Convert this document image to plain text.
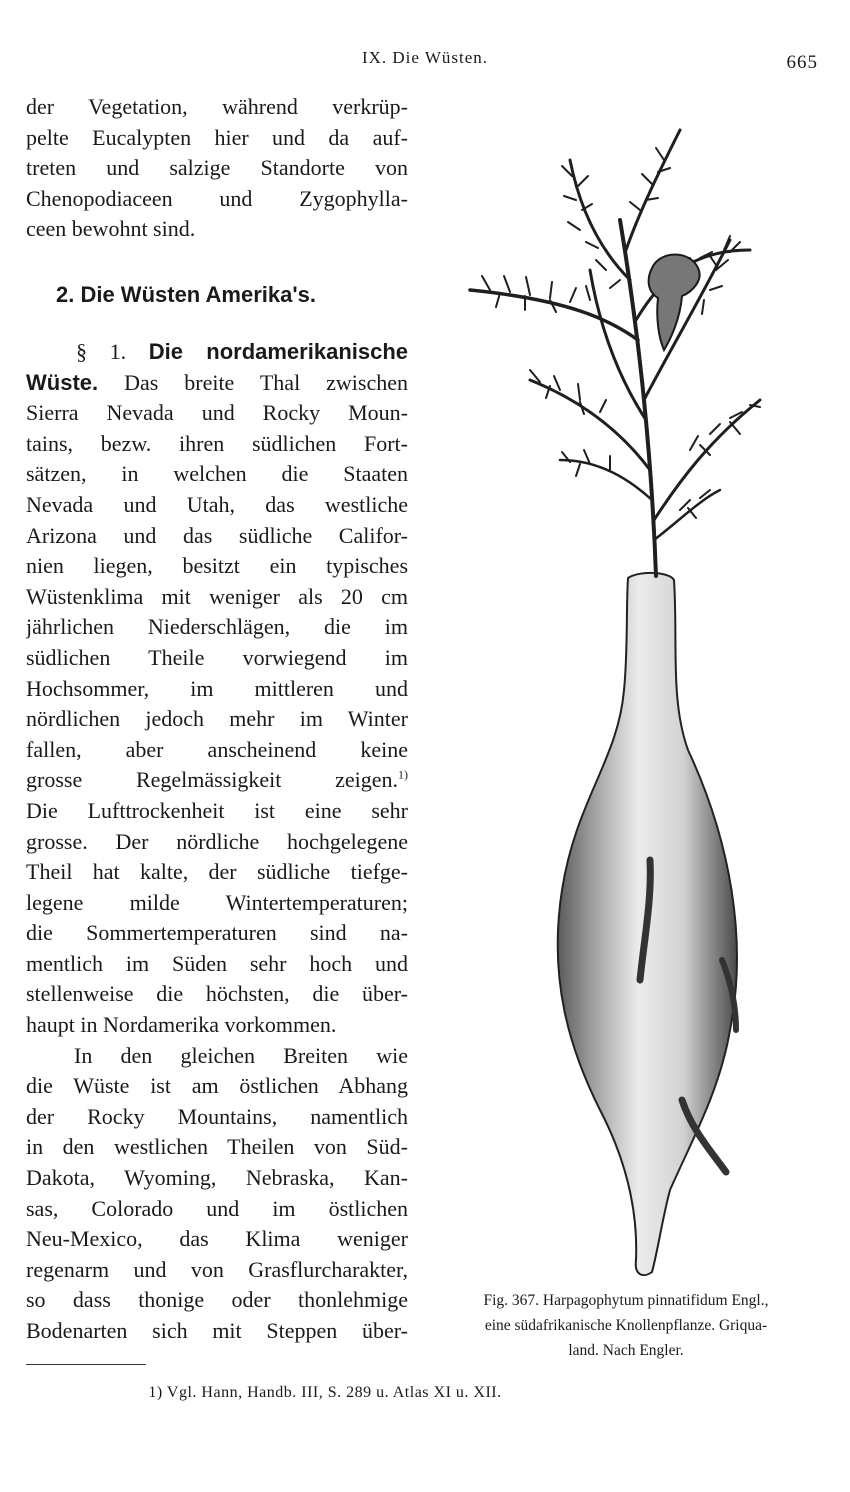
IX. Die Wüsten.	665
der Vegetation, während verkrüp-
pelte Eucalypten hier und da auf-
treten und salzige Standorte von
Chenopodiaceen und Zygophylla-
ceen bewohnt sind.
2. Die Wüsten Amerika's.
§ 1. Die nordamerikanische
Wüste. Das breite Thal zwischen
Sierra Nevada und Rocky Moun-
tains, bezw. ihren südlichen Fort-
sätzen, in welchen die Staaten
Nevada und Utah, das westliche
Arizona und das südliche Califor-
nien liegen, besitzt ein typisches
Wüstenklima mit weniger als 20 cm
jährlichen Niederschlägen, die im
südlichen Theile vorwiegend im
Hochsommer, im mittleren und
nördlichen jedoch mehr im Winter
fallen, aber anscheinend keine
grosse Regelmässigkeit zeigen.$^{1)}$
Die Lufttrockenheit ist eine sehr
grosse. Der nördliche hochgelegene
Theil hat kalte, der südliche tiefge-
legene milde Wintertemperaturen;
die Sommertemperaturen sind na-
mentlich im Süden sehr hoch und
stellenweise die höchsten, die über-
haupt in Nordamerika vorkommen.
In den gleichen Breiten wie
die Wüste ist am östlichen Abhang
der Rocky Mountains, namentlich
in den westlichen Theilen von Süd-
Dakota, Wyoming, Nebraska, Kan-
sas, Colorado und im östlichen
Neu-Mexico, das Klima weniger
regenarm und von Grasflurcharakter,
so dass thonige oder thonlehmige
Bodenarten sich mit Steppen über-
Fig. 367. Harpagophytum pinnatifidum Engl.,
eine südafrikanische Knollenpflanze. Griqua-
land. Nach Engler.
1) Vgl. Hann, Handb. III, S. 289 u. Atlas XI u. XII.
